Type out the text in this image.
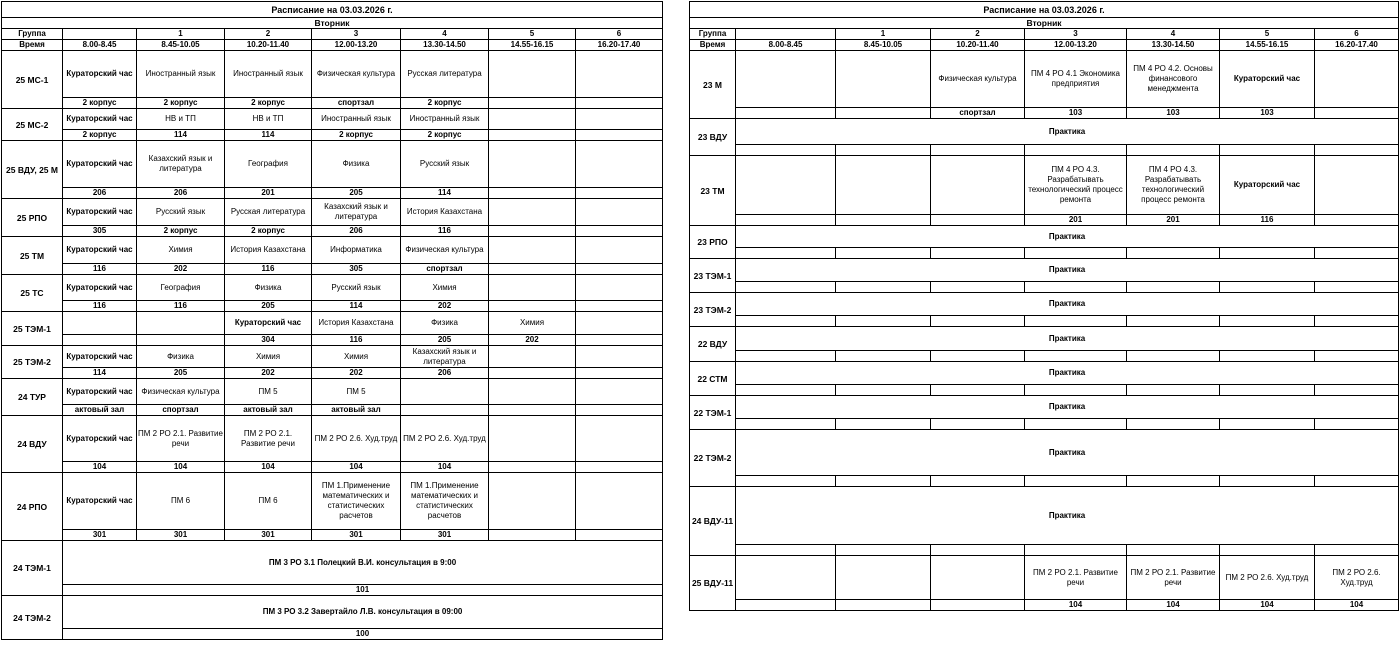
Расписание на 03.03.2026 г.							
Вторник							
Группа		1	2	3	4	5	6
Время	8.00-8.45	8.45-10.05	10.20-11.40	12.00-13.20	13.30-14.50	14.55-16.15	16.20-17.40
25 МС-1	Кураторский час	Иностранный язык	Иностранный язык	Физическая культура	Русская литература		
	2 корпус	2 корпус	2 корпус	спортзал	2 корпус		
25 МС-2	Кураторский час	НВ и ТП	НВ и ТП	Иностранный язык	Иностранный язык		
	2 корпус	114	114	2 корпус	2 корпус		
25 ВДУ, 25 М	Кураторский час	Казахский язык и литература	География	Физика	Русский язык		
	206	206	201	205	114		
25 РПО	Кураторский час	Русский язык	Русская литература	Казахский язык и литература	История Казахстана		
	305	2 корпус	2 корпус	206	116		
25 ТМ	Кураторский час	Химия	История Казахстана	Информатика	Физическая культура		
	116	202	116	305	спортзал		
25 ТС	Кураторский час	География	Физика	Русский язык	Химия		
	116	116	205	114	202		
25 ТЭМ-1			Кураторский час	История Казахстана	Физика	Химия	
			304	116	205	202	
25 ТЭМ-2	Кураторский час	Физика	Химия	Химия	Казахский язык и литература		
	114	205	202	202	206		
24 ТУР	Кураторский час	Физическая культура	ПМ 5	ПМ 5			
	актовый зал	спортзал	актовый зал	актовый зал			
24 ВДУ	Кураторский час	ПМ 2 РО 2.1. Развитие речи	ПМ 2 РО 2.1. Развитие речи	ПМ 2 РО 2.6. Худ.труд	ПМ 2 РО 2.6. Худ.труд		
	104	104	104	104	104		
24 РПО	Кураторский час	ПМ 6	ПМ 6	ПМ 1.Применение математических и статистических расчетов	ПМ 1.Применение математических и статистических расчетов		
	301	301	301	301	301		
24 ТЭМ-1	ПМ 3 РО 3.1 Полецкий В.И. консультация в 9:00						
	101						
24 ТЭМ-2	ПМ 3 РО 3.2 Завертайло Л.В. консультация в 09:00						
	100						
Расписание на 03.03.2026 г.							
Вторник							
Группа		1	2	3	4	5	6
Время	8.00-8.45	8.45-10.05	10.20-11.40	12.00-13.20	13.30-14.50	14.55-16.15	16.20-17.40
23 М			Физическая культура	ПМ 4 РО 4.1 Экономика предприятия	ПМ 4 РО 4.2. Основы финансового менеджмента	Кураторский час	
			спортзал	103	103	103	
23 ВДУ	Практика						

23 ТМ				ПМ 4 РО 4.3. Разрабатывать технологический процесс ремонта	ПМ 4 РО 4.3. Разрабатывать технологический процесс ремонта	Кураторский час	
				201	201	116	
23 РПО	Практика						

23 ТЭМ-1	Практика						

23 ТЭМ-2	Практика						

22 ВДУ	Практика						

22 СТМ	Практика						

22 ТЭМ-1	Практика						

22 ТЭМ-2	Практика						

24 ВДУ-11	Практика						

25 ВДУ-11				ПМ 2 РО 2.1. Развитие речи	ПМ 2 РО 2.1. Развитие речи	ПМ 2 РО 2.6. Худ.труд	ПМ 2 РО 2.6. Худ.труд
				104	104	104	104
